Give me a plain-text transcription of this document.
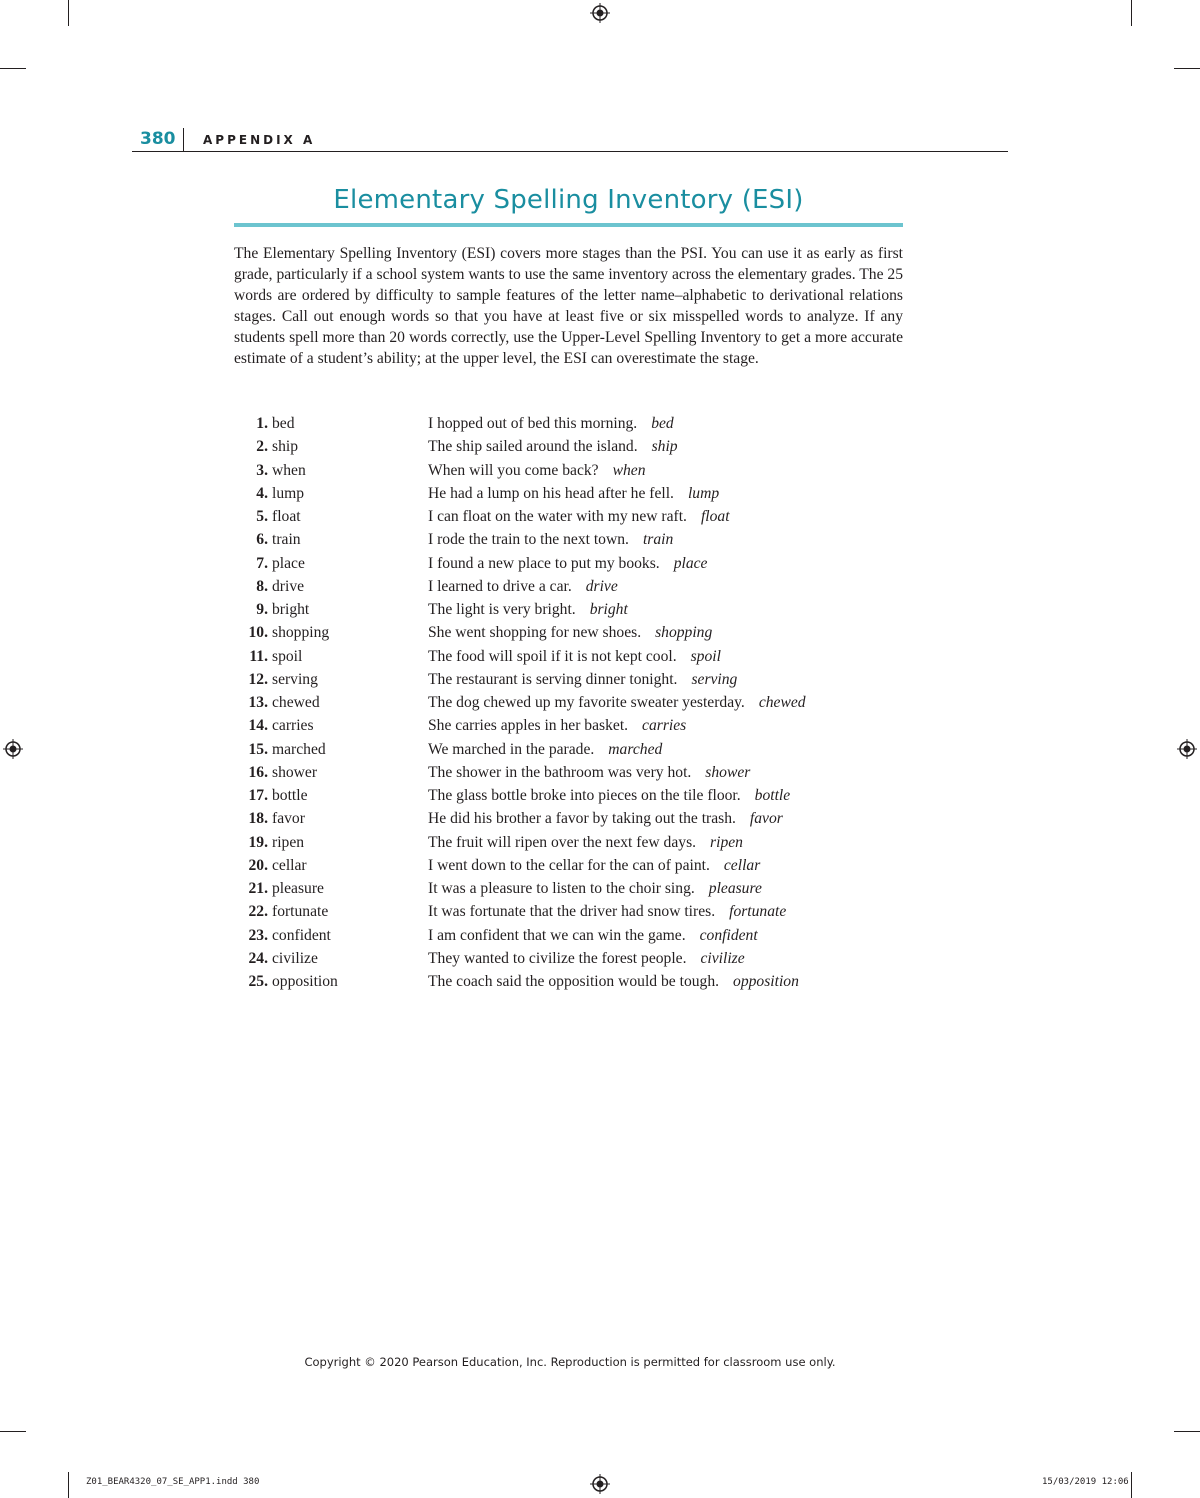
380 APPENDIX A
Elementary Spelling Inventory (ESI)

The Elementary Spelling Inventory (ESI) covers more stages than the PSI. You can use it as early as first grade, particularly if a school system wants to use the same inventory across the elementary grades. The 25 words are ordered by difficulty to sample features of the letter name–alphabetic to derivational relations stages. Call out enough words so that you have at least five or six misspelled words to analyze. If any students spell more than 20 words correctly, use the Upper-Level Spelling Inventory to get a more accurate estimate of a student’s ability; at the upper level, the ESI can overestimate the stage.

1. bed	I hopped out of bed this morning. bed
2. ship	The ship sailed around the island. ship
3. when	When will you come back? when
4. lump	He had a lump on his head after he fell. lump
5. float	I can float on the water with my new raft. float
6. train	I rode the train to the next town. train
7. place	I found a new place to put my books. place
8. drive	I learned to drive a car. drive
9. bright	The light is very bright. bright
10. shopping	She went shopping for new shoes. shopping
11. spoil	The food will spoil if it is not kept cool. spoil
12. serving	The restaurant is serving dinner tonight. serving
13. chewed	The dog chewed up my favorite sweater yesterday. chewed
14. carries	She carries apples in her basket. carries
15. marched	We marched in the parade. marched
16. shower	The shower in the bathroom was very hot. shower
17. bottle	The glass bottle broke into pieces on the tile floor. bottle
18. favor	He did his brother a favor by taking out the trash. favor
19. ripen	The fruit will ripen over the next few days. ripen
20. cellar	I went down to the cellar for the can of paint. cellar
21. pleasure	It was a pleasure to listen to the choir sing. pleasure
22. fortunate	It was fortunate that the driver had snow tires. fortunate
23. confident	I am confident that we can win the game. confident
24. civilize	They wanted to civilize the forest people. civilize
25. opposition	The coach said the opposition would be tough. opposition
Copyright © 2020 Pearson Education, Inc. Reproduction is permitted for classroom use only.
Z01_BEAR4320_07_SE_APP1.indd 380	15/03/2019 12:06
